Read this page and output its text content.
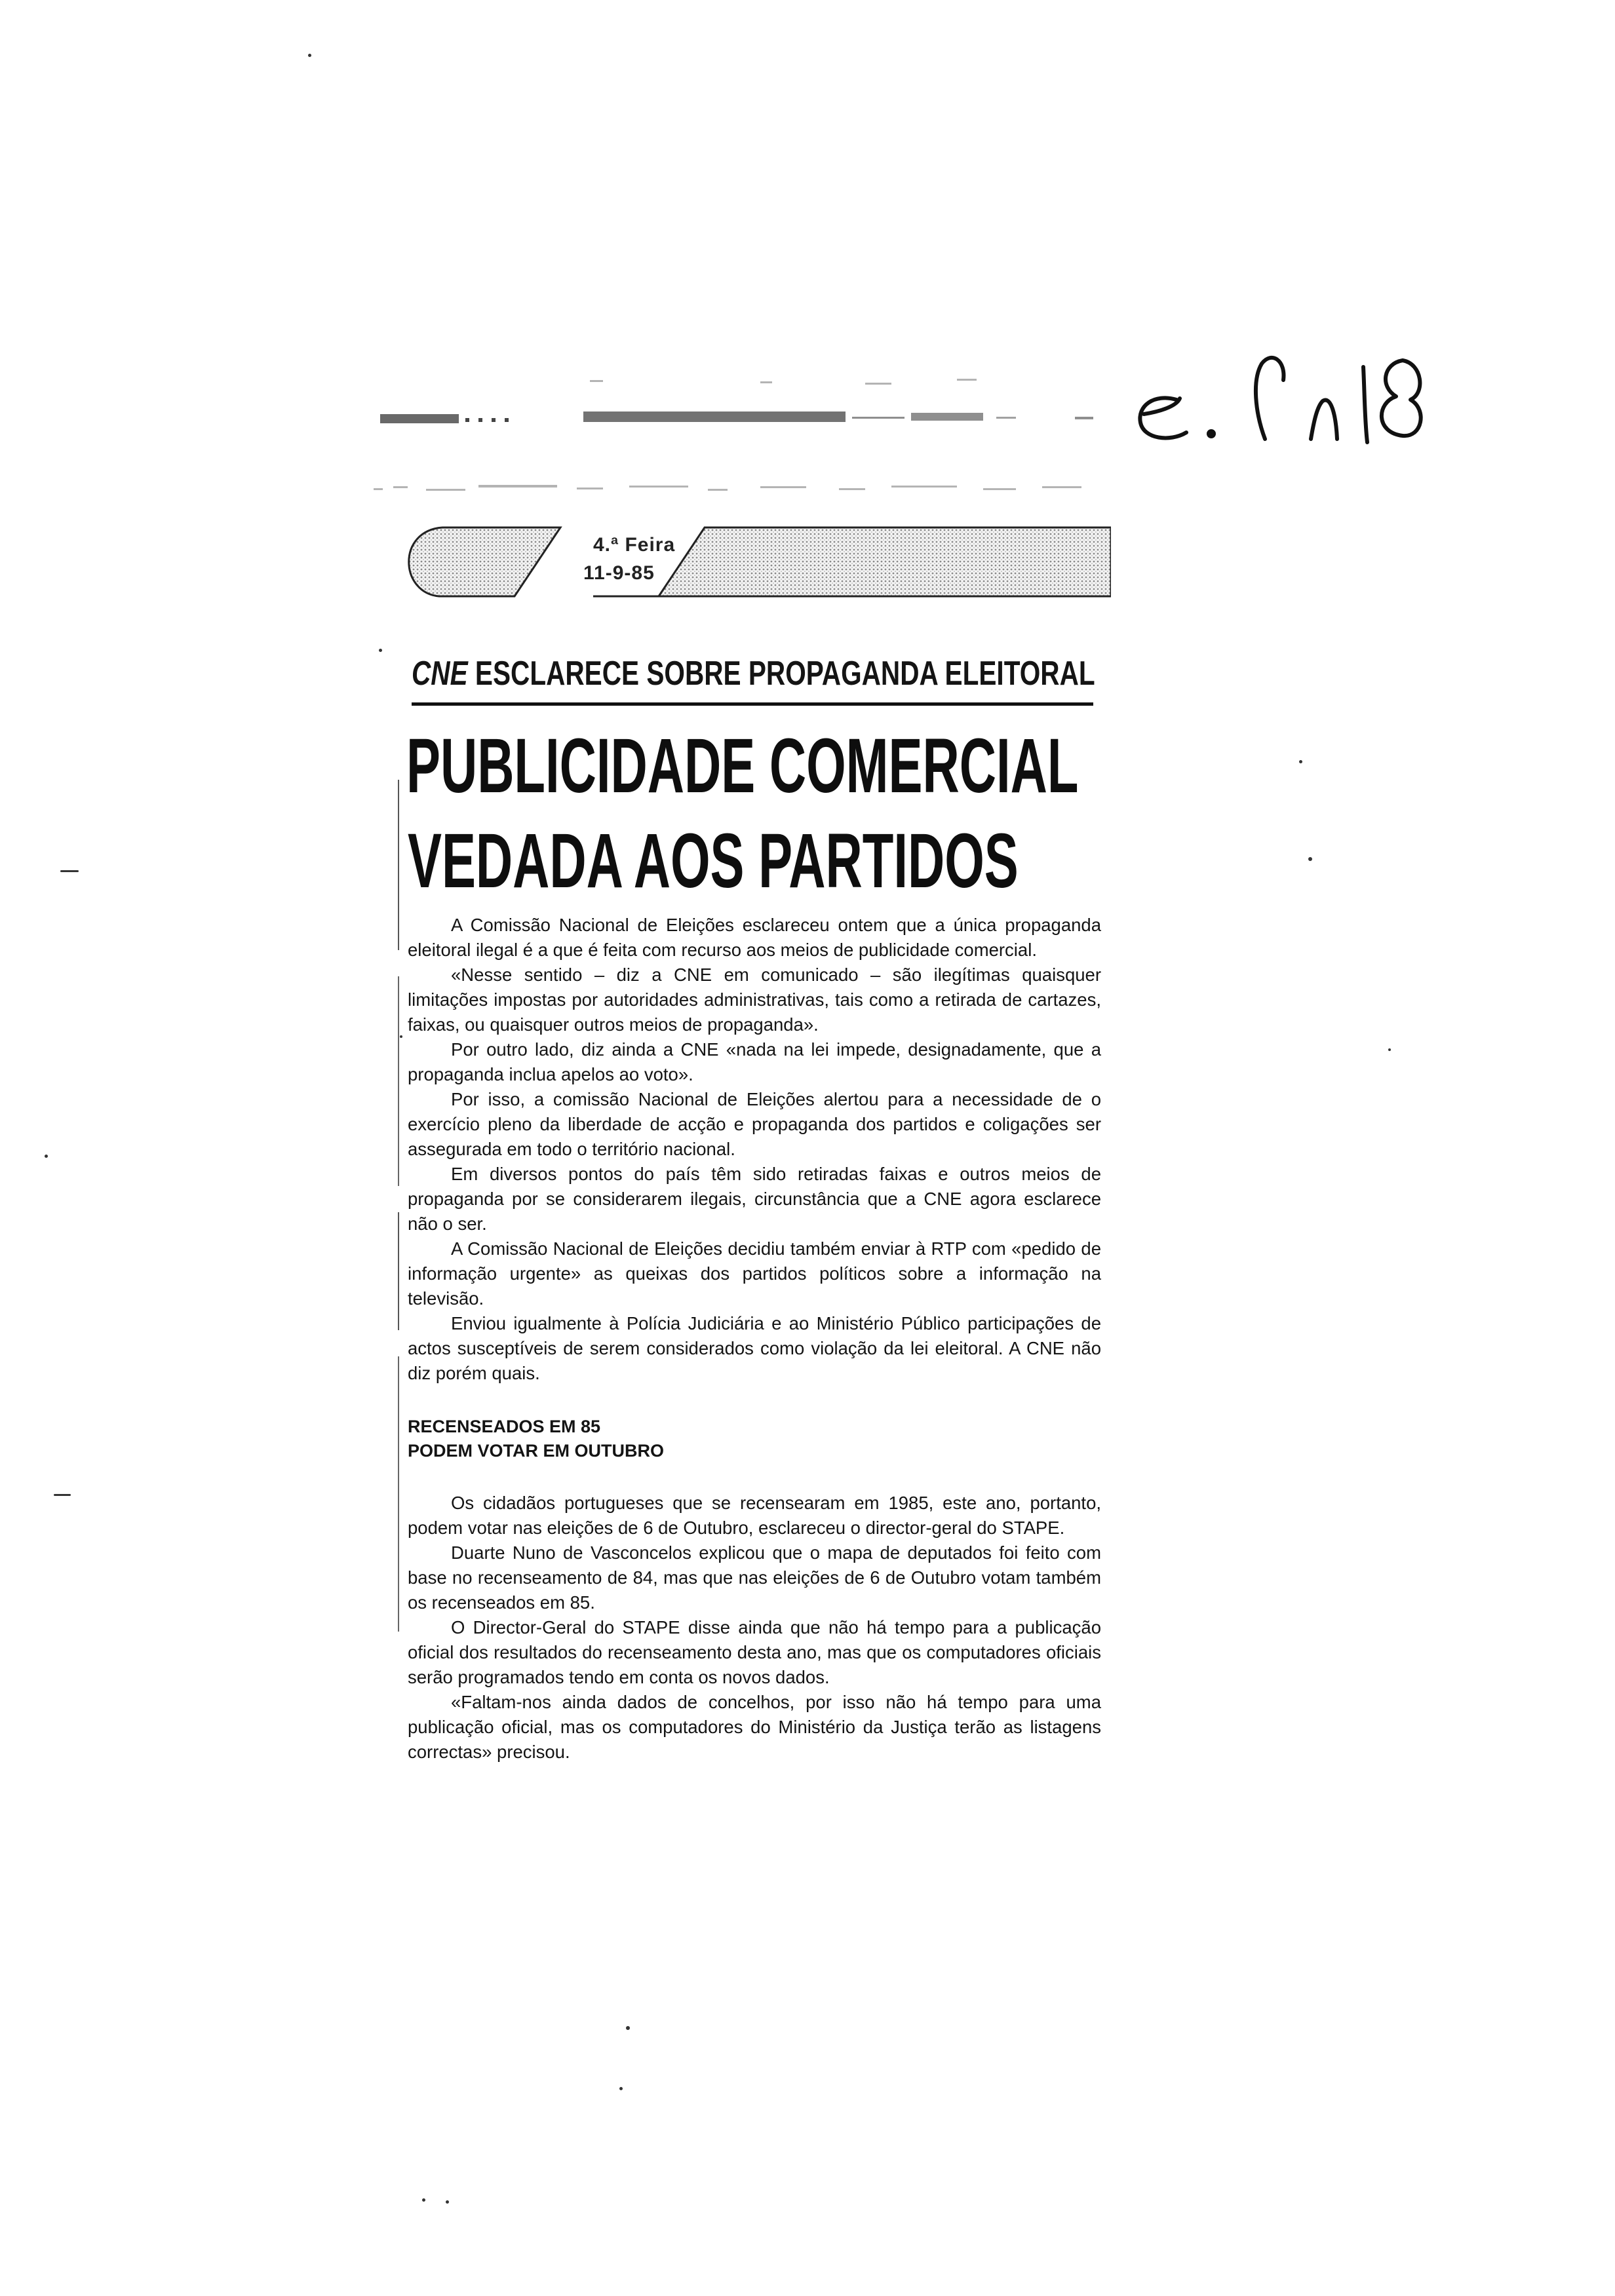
4.ª Feira
11-9-85
CNE ESCLARECE SOBRE PROPAGANDA ELEITORAL
PUBLICIDADE COMERCIAL
VEDADA AOS PARTIDOS

A Comissão Nacional de Eleições esclareceu ontem que a única propaganda eleitoral ilegal é a que é feita com recurso aos meios de publicidade comercial.

«Nesse sentido – diz a CNE em comunicado – são ilegítimas quaisquer limitações impostas por autoridades administrativas, tais como a retirada de cartazes, faixas, ou quaisquer outros meios de propaganda».

Por outro lado, diz ainda a CNE «nada na lei impede, designadamente, que a propaganda inclua apelos ao voto».

Por isso, a comissão Nacional de Eleições alertou para a necessidade de o exercício pleno da liberdade de acção e propaganda dos partidos e coligações ser assegurada em todo o território nacional.

Em diversos pontos do país têm sido retiradas faixas e outros meios de propaganda por se considerarem ilegais, circunstância que a CNE agora esclarece não o ser.

A Comissão Nacional de Eleições decidiu também enviar à RTP com «pedido de informação urgente» as queixas dos partidos políticos sobre a informação na televisão.

Enviou igualmente à Polícia Judiciária e ao Ministério Público participações de actos susceptíveis de serem considerados como violação da lei eleitoral. A CNE não diz porém quais.

RECENSEADOS EM 85
PODEM VOTAR EM OUTUBRO

Os cidadãos portugueses que se recensearam em 1985, este ano, portanto, podem votar nas eleições de 6 de Outubro, esclareceu o director-geral do STAPE.

Duarte Nuno de Vasconcelos explicou que o mapa de deputados foi feito com base no recenseamento de 84, mas que nas eleições de 6 de Outubro votam também os recenseados em 85.

O Director-Geral do STAPE disse ainda que não há tempo para a publicação oficial dos resultados do recenseamento desta ano, mas que os computadores oficiais serão programados tendo em conta os novos dados.

«Faltam-nos ainda dados de concelhos, por isso não há tempo para uma publicação oficial, mas os computadores do Ministério da Justiça terão as listagens correctas» precisou.
